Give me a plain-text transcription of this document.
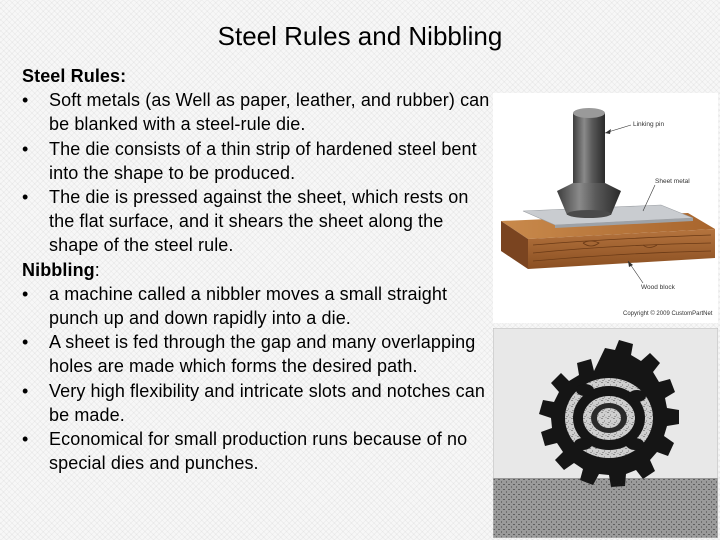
Steel Rules and Nibbling

Steel Rules:

• Soft metals (as Well as paper, leather, and rubber) can be blanked with a steel-rule die.
• The die consists of a thin strip of hardened steel bent into the shape to be produced.
• The die is pressed against the sheet, which rests on the flat surface, and it shears the sheet along the shape of the steel rule.

Nibbling:

• a machine called a nibbler moves a small straight punch up and down rapidly into a die.
• A sheet is fed through the gap and many overlapping holes are made which forms the desired path.
• Very high flexibility and intricate slots and notches can be made.
• Economical for small production runs because of no special dies and punches.
Linking pin
Sheet metal
Wood block
Copyright © 2009 CustomPartNet
